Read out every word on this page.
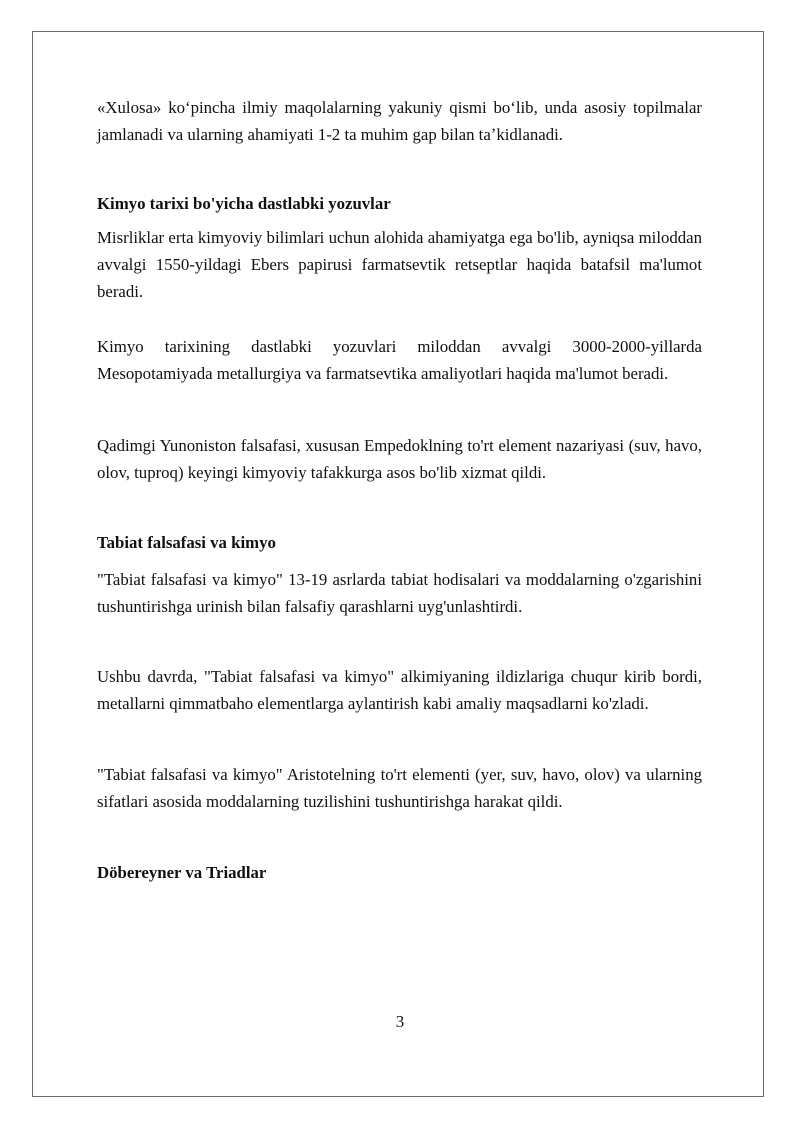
«Xulosa» koʻpincha ilmiy maqolalarning yakuniy qismi boʻlib, unda asosiy topilmalar jamlanadi va ularning ahamiyati 1-2 ta muhim gap bilan taʼkidlanadi.

Kimyo tarixi bo'yicha dastlabki yozuvlar

Misrliklar erta kimyoviy bilimlari uchun alohida ahamiyatga ega bo'lib, ayniqsa miloddan avvalgi 1550-yildagi Ebers papirusi farmatsevtik retseptlar haqida batafsil ma'lumot beradi.

Kimyo tarixining dastlabki yozuvlari miloddan avvalgi 3000-2000-yillarda Mesopotamiyada metallurgiya va farmatsevtika amaliyotlari haqida ma'lumot beradi.

Qadimgi Yunoniston falsafasi, xususan Empedoklning to'rt element nazariyasi (suv, havo, olov, tuproq) keyingi kimyoviy tafakkurga asos bo'lib xizmat qildi.

Tabiat falsafasi va kimyo

"Tabiat falsafasi va kimyo" 13-19 asrlarda tabiat hodisalari va moddalarning o'zgarishini tushuntirishga urinish bilan falsafiy qarashlarni uyg'unlashtirdi.

Ushbu davrda, "Tabiat falsafasi va kimyo" alkimiyaning ildizlariga chuqur kirib bordi, metallarni qimmatbaho elementlarga aylantirish kabi amaliy maqsadlarni ko'zladi.

"Tabiat falsafasi va kimyo" Aristotelning to'rt elementi (yer, suv, havo, olov) va ularning sifatlari asosida moddalarning tuzilishini tushuntirishga harakat qildi.

Döbereyner va Triadlar
3
